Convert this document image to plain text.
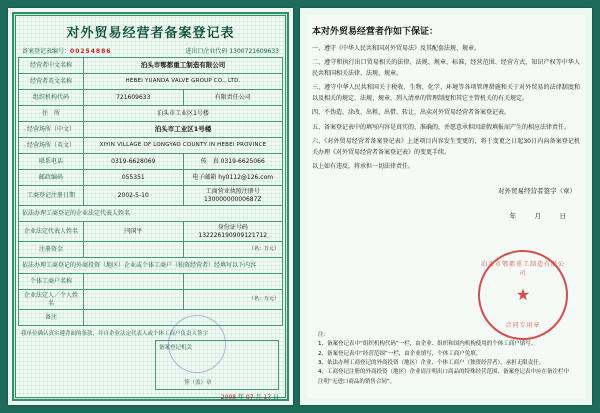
对外贸易经营者备案登记表
备案登记表编号：00254886	进出口企业代码 1300721609633
经营者中文名称	泊头市鄂都重工制造有限公司	
经营者英文名称	HEBEI YUANDA VALVE GROUP CO., LTD.	
组织机构代码	721609633	有限责任公司
住　所	泊头市工业区1号楼	
经营场所（中文）	泊头市工业区1号楼	
经营场所（英文）	XIYIN VILLAGE OF LONGYAO COUNTY IN HEBEI PROVINCE	
联系电话	0319-6628069	传　真 0319-6625066
邮政编码	055351	电子邮箱 hy0112@126.com
工商登记注册日期	2002-5-10	工商营业执照注册号 13000000000687Z
依法办理工商登记的企业法定代表人姓名		
企业法定代表人姓名	闫国平	身份证号码 132226190909121712
注册资金		（名：万元）
依法办理工商登记的外商投资（地区）企业或个体工商户（独资经营者）经填写以下内容		
个体工商户名称		
企业法定人／个人姓名		（名：万元）
备注		
我单位确认真实遵背面的条款，并自企业法定代表人或个体工商户负责人签字
备案登记机关
签（盖）章
2008 年 07 月 17 日
本对外贸易经营者作如下保证：
一、遵守《中华人民共和国对外贸易法》及其配套法规、规章。
二、遵守和执行出口贸易相关的法律、法规、规章、标准，经营范围、经营方式、知识产权等中华人民共和国相关法律、法规、规章。
三、遵守中华人民共和国关于税收、生物、化学、环境等各项管理措施和关于对外贸易的法律制度和以及相关的规定、法规、规章、列入清单的管理制度和其它主管机关的有关规定。
四、不伪造、涂改、出租、出借、转让、出卖对外贸易经营者备案登记表。
五、备案登记表中的填写内容是真实的、准确的，并愿意承担因虚假填报而产生的相应法律责任。
六、《对外贸易经营者备案登记表》上述项目内容发生变更的，将于变更之日起30日内向备案登记机关办理《对外贸易经营者备案登记表》的变更手续。
以上如有违反，将承担一切法律责任。
对外贸易经营者签字（章）
年　月　日
泊头市鄂都重工制造有限公司
★
合同专用章
注：
1、备案登记表中“组织机构代码”一栏，由企业、组织和国内机构使用的个体工商户填写。
2、备案登记表中“经营范围”一栏，由企业填写，个体工商户免填。
3、依法办理工商登记的外商投资（地区）企业、个体工商户（独资经营者），承担无限责任。
4、工商登记注册的外商投资（地区）企业请注明出口商品的特殊经营范围、备案登记表中应在备注栏中注明“无进口商品的销售合同”。
